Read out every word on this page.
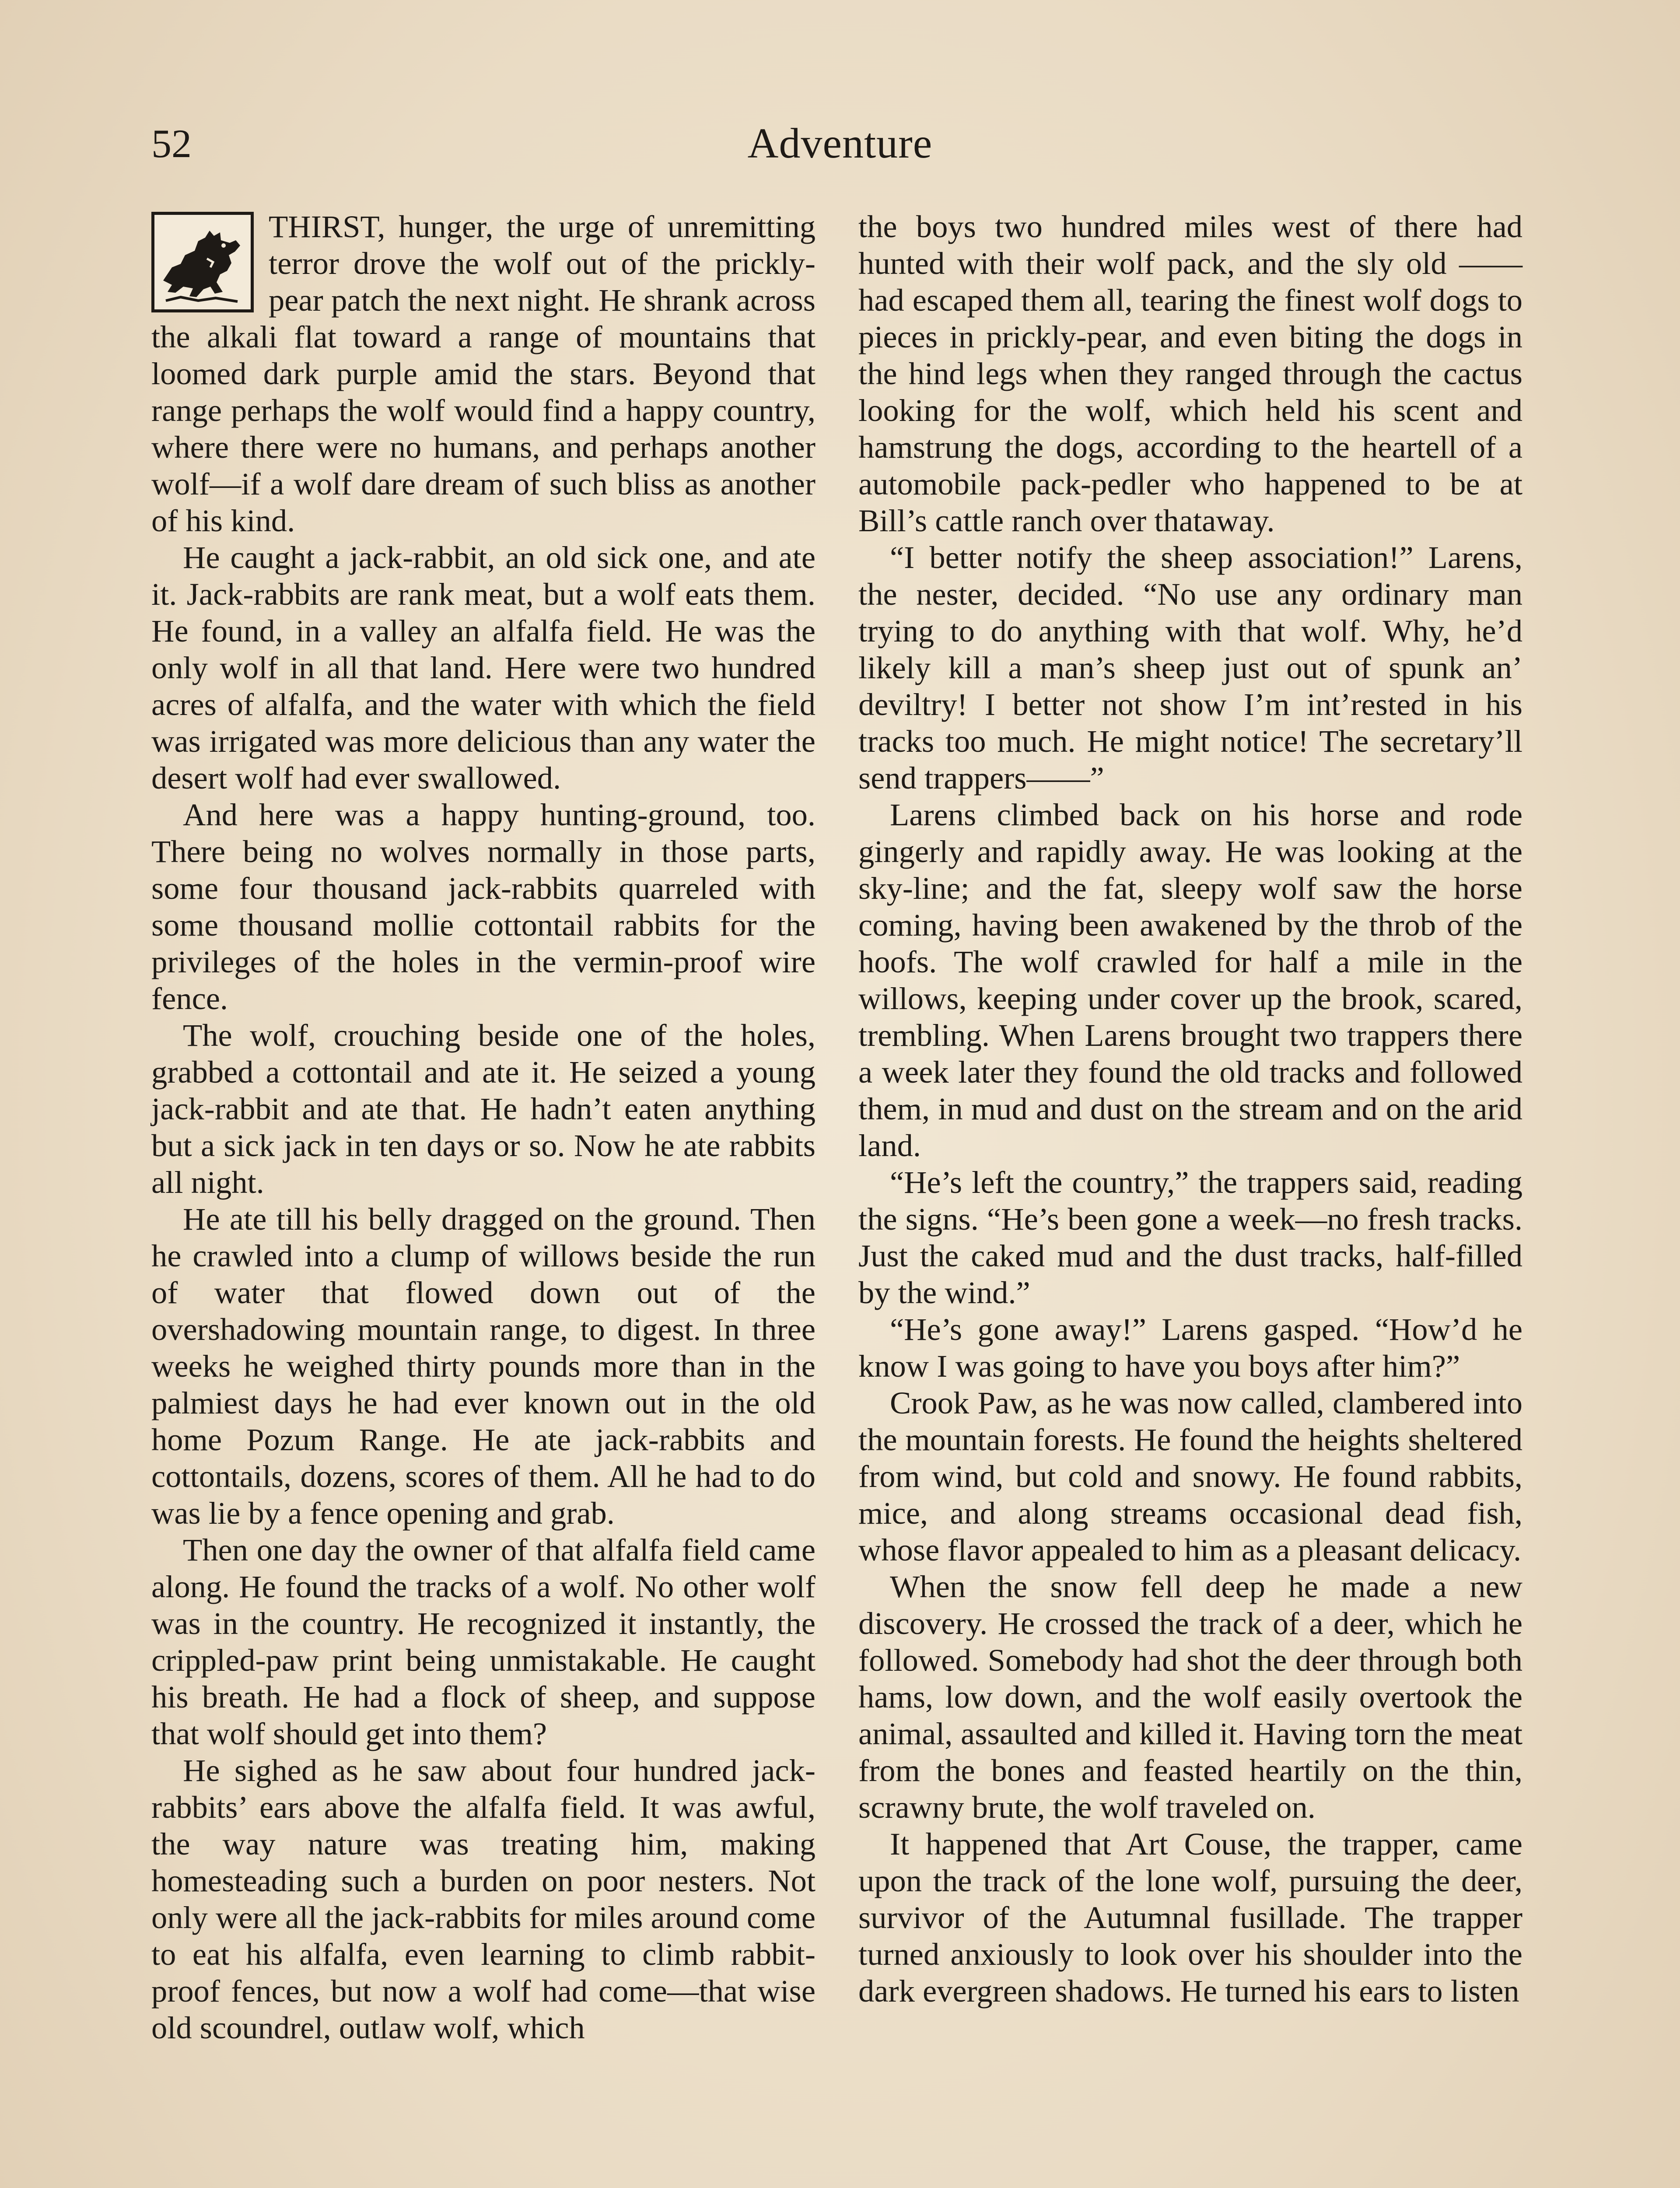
52	Adventure

THIRST, hunger, the urge of unremitting terror drove the wolf out of the prickly-pear patch the next night. He shrank across the alkali flat toward a range of mountains that loomed dark purple amid the stars. Beyond that range perhaps the wolf would find a happy country, where there were no humans, and perhaps another wolf—if a wolf dare dream of such bliss as another of his kind.

He caught a jack-rabbit, an old sick one, and ate it. Jack-rabbits are rank meat, but a wolf eats them. He found, in a valley an alfalfa field. He was the only wolf in all that land. Here were two hundred acres of alfalfa, and the water with which the field was irrigated was more delicious than any water the desert wolf had ever swallowed.

And here was a happy hunting-ground, too. There being no wolves normally in those parts, some four thousand jack-rabbits quarreled with some thousand mollie cottontail rabbits for the privileges of the holes in the vermin-proof wire fence.

The wolf, crouching beside one of the holes, grabbed a cottontail and ate it. He seized a young jack-rabbit and ate that. He hadn’t eaten anything but a sick jack in ten days or so. Now he ate rabbits all night.

He ate till his belly dragged on the ground. Then he crawled into a clump of willows beside the run of water that flowed down out of the overshadowing mountain range, to digest. In three weeks he weighed thirty pounds more than in the palmiest days he had ever known out in the old home Pozum Range. He ate jack-rabbits and cottontails, dozens, scores of them. All he had to do was lie by a fence opening and grab.

Then one day the owner of that alfalfa field came along. He found the tracks of a wolf. No other wolf was in the country. He recognized it instantly, the crippled-paw print being unmistakable. He caught his breath. He had a flock of sheep, and suppose that wolf should get into them?

He sighed as he saw about four hundred jack-rabbits’ ears above the alfalfa field. It was awful, the way nature was treating him, making homesteading such a burden on poor nesters. Not only were all the jack-rabbits for miles around come to eat his alfalfa, even learning to climb rabbit-proof fences, but now a wolf had come—that wise old scoundrel, outlaw wolf, which

the boys two hundred miles west of there had hunted with their wolf pack, and the sly old —— had escaped them all, tearing the finest wolf dogs to pieces in prickly-pear, and even biting the dogs in the hind legs when they ranged through the cactus looking for the wolf, which held his scent and hamstrung the dogs, according to the heartell of a automobile pack-pedler who happened to be at Bill’s cattle ranch over thataway.

“I better notify the sheep association!” Larens, the nester, decided. “No use any ordinary man trying to do anything with that wolf. Why, he’d likely kill a man’s sheep just out of spunk an’ deviltry! I better not show I’m int’rested in his tracks too much. He might notice! The secretary’ll send trappers——”

Larens climbed back on his horse and rode gingerly and rapidly away. He was looking at the sky-line; and the fat, sleepy wolf saw the horse coming, having been awakened by the throb of the hoofs. The wolf crawled for half a mile in the willows, keeping under cover up the brook, scared, trembling. When Larens brought two trappers there a week later they found the old tracks and followed them, in mud and dust on the stream and on the arid land.

“He’s left the country,” the trappers said, reading the signs. “He’s been gone a week—no fresh tracks. Just the caked mud and the dust tracks, half-filled by the wind.”

“He’s gone away!” Larens gasped. “How’d he know I was going to have you boys after him?”

Crook Paw, as he was now called, clambered into the mountain forests. He found the heights sheltered from wind, but cold and snowy. He found rabbits, mice, and along streams occasional dead fish, whose flavor appealed to him as a pleasant delicacy.

When the snow fell deep he made a new discovery. He crossed the track of a deer, which he followed. Somebody had shot the deer through both hams, low down, and the wolf easily overtook the animal, assaulted and killed it. Having torn the meat from the bones and feasted heartily on the thin, scrawny brute, the wolf traveled on.

It happened that Art Couse, the trapper, came upon the track of the lone wolf, pursuing the deer, survivor of the Autumnal fusillade. The trapper turned anxiously to look over his shoulder into the dark evergreen shadows. He turned his ears to listen
